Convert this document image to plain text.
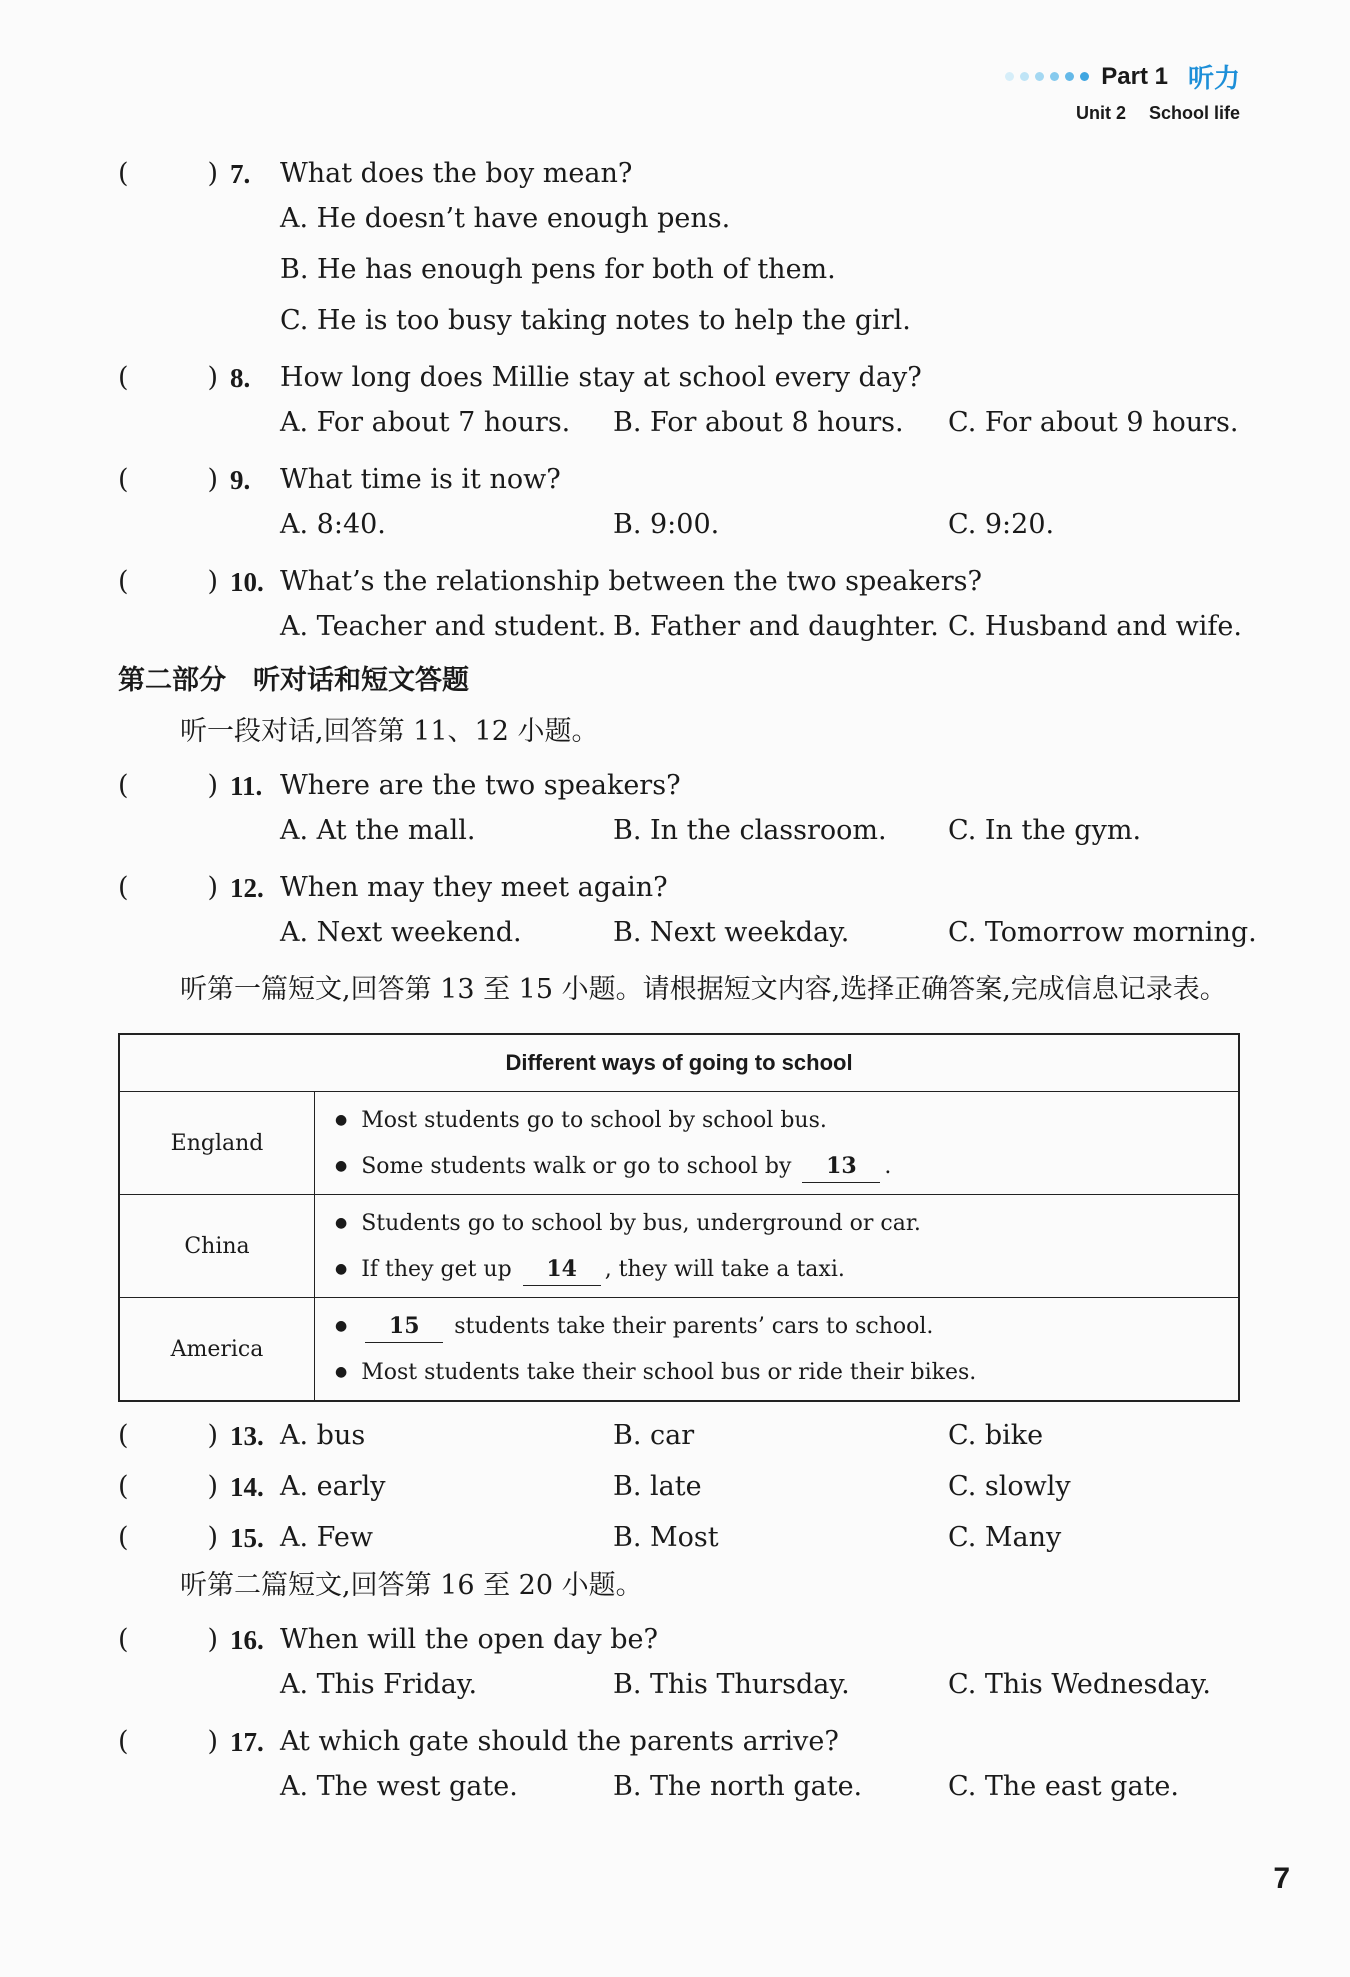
Part 1 听力
Unit 2 School life
(	) 7. What does the boy mean?
A. He doesn’t have enough pens.
B. He has enough pens for both of them.
C. He is too busy taking notes to help the girl.
(	) 8. How long does Millie stay at school every day?
A. For about 7 hours. B. For about 8 hours. C. For about 9 hours.
(	) 9. What time is it now?
A. 8:40.	B. 9:00.	C. 9:20.
(	) 10. What’s the relationship between the two speakers?
A. Teacher and student. B. Father and daughter. C. Husband and wife.
第二部分　听对话和短文答题
听一段对话,回答第 11、12 小题。
(	) 11. Where are the two speakers?
A. At the mall.	B. In the classroom. C. In the gym.
(	) 12. When may they meet again?
A. Next weekend.	B. Next weekday.	C. Tomorrow morning.
听第一篇短文,回答第 13 至 15 小题。请根据短文内容,选择正确答案,完成信息记录表。
Different ways of going to school	
England	● Most students go to school by school bus.
● Some students walk or go to school by 13 .

China	● Students go to school by bus, underground or car.
● If they get up 14 , they will take a taxi.

America	● 15 students take their parents’ cars to school.
● Most students take their school bus or ride their bikes.
(	) 13. A. bus	B. car	C. bike
(	) 14. A. early	B. late	C. slowly
(	) 15. A. Few	B. Most	C. Many
听第二篇短文,回答第 16 至 20 小题。
(	) 16. When will the open day be?
A. This Friday.	B. This Thursday.	C. This Wednesday.
(	) 17. At which gate should the parents arrive?
A. The west gate.	B. The north gate.	C. The east gate.
7
